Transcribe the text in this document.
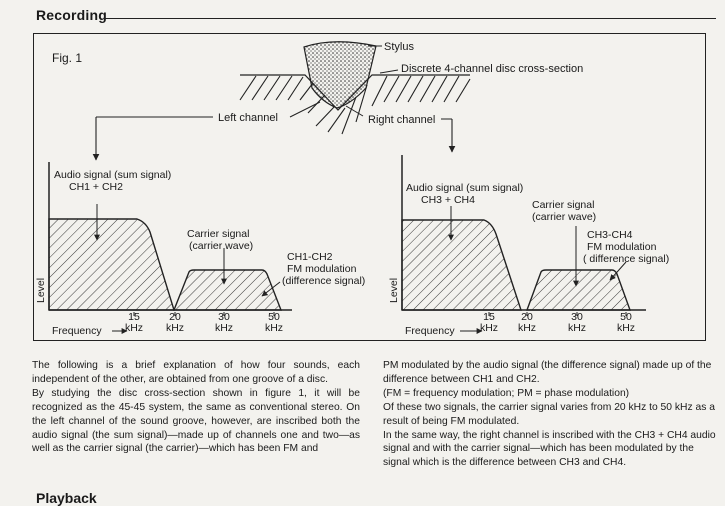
Recording
Fig. 1
Stylus
Discrete 4-channel disc cross-section
Left channel	Right channel
Audio signal (sum signal)
CH1 + CH2
Carrier signal
(carrier wave)
CH1-CH2
FM modulation
(difference signal)
Level
Frequency
15
kHz
20
kHz
30
kHz
50
kHz
Audio signal (sum signal)
CH3 + CH4	Carrier signal
(carrier wave)
CH3-CH4
FM modulation
( difference signal)
Level
Frequency
15
kHz
20
kHz
30
kHz
50
kHz

The following is a brief explanation of how four sounds, each independent of the other, are obtained from one groove of a disc.

By studying the disc cross-section shown in figure 1, it will be recognized as the 45-45 system, the same as conventional stereo. On the left channel of the sound groove, however, are inscribed both the audio signal (the sum signal)—made up of channels one and two—as well as the carrier signal (the carrier)—which has been FM and

PM modulated by the audio signal (the difference signal) made up of the difference between CH1 and CH2.

(FM = frequency modulation; PM = phase modulation)

Of these two signals, the carrier signal varies from 20 kHz to 50 kHz as a result of being FM modulated.

In the same way, the right channel is inscribed with the CH3 + CH4 audio signal and with the carrier signal—which has been modulated by the signal which is the difference between CH3 and CH4.

Playback
